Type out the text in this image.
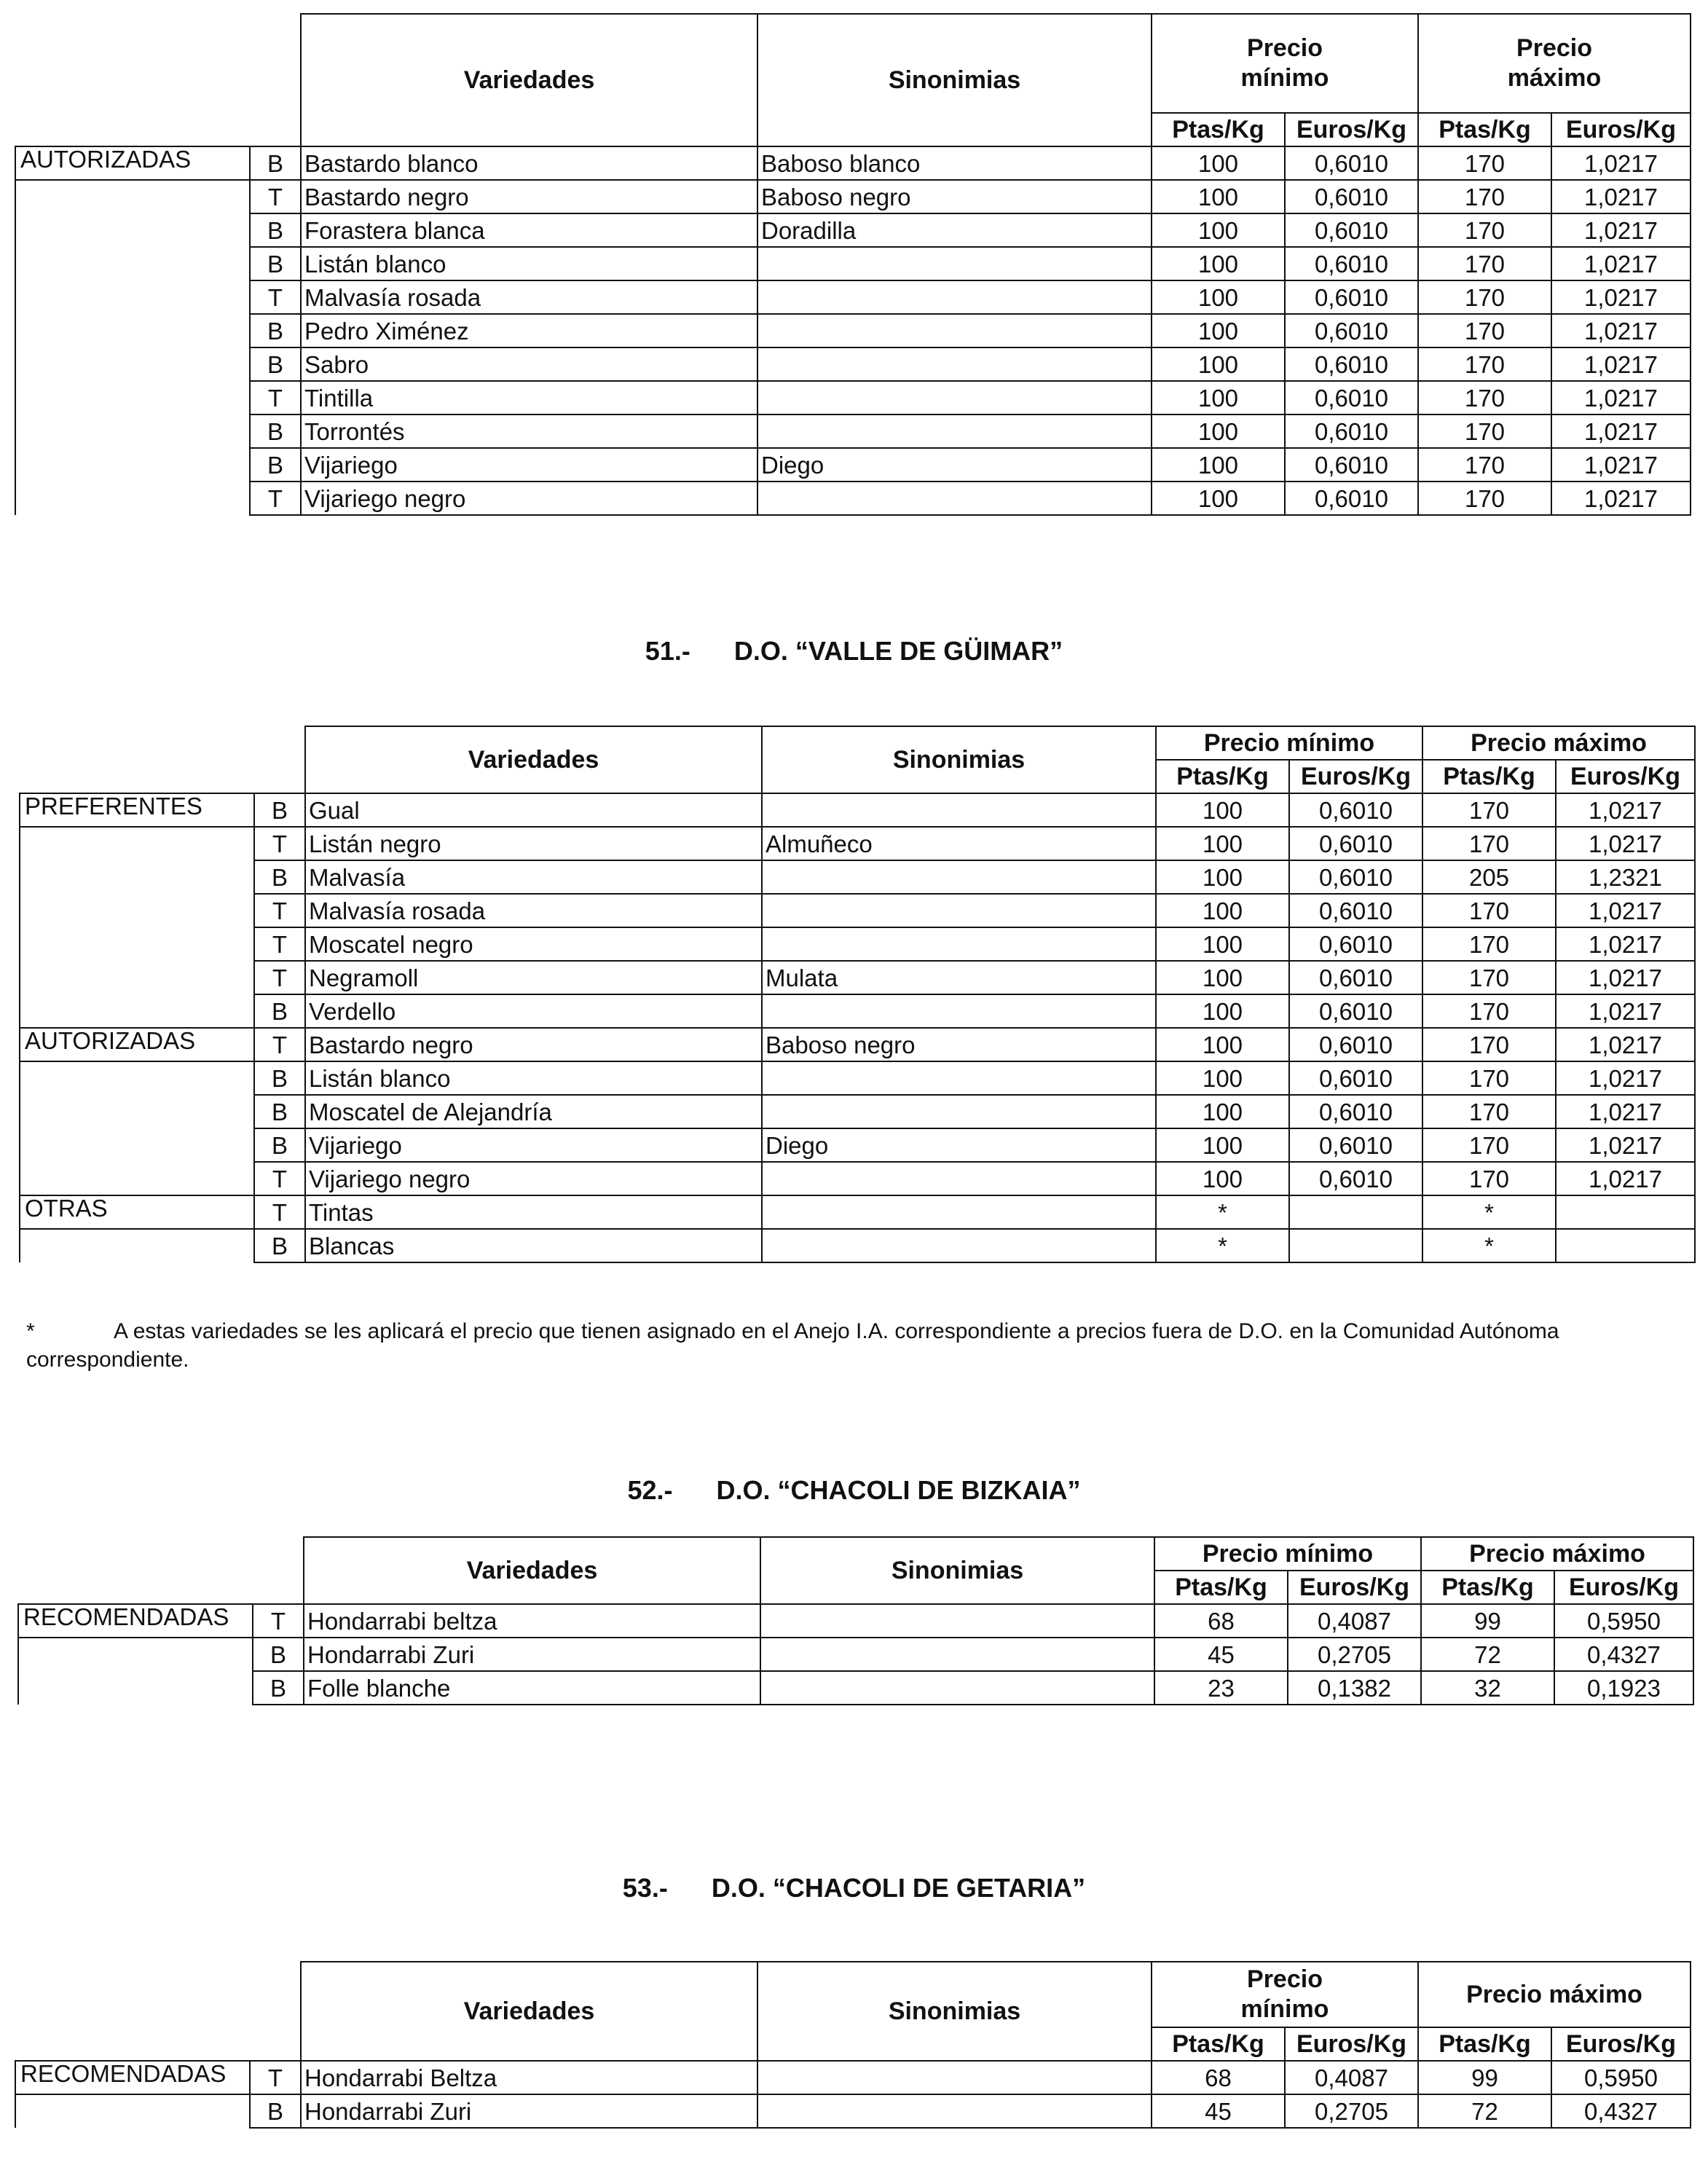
		Variedades	Sinonimias	Precio mínimo		Precio máximo	
				Ptas/Kg	Euros/Kg	Ptas/Kg	Euros/Kg
AUTORIZADAS	B	Bastardo blanco	Baboso blanco	100	0,6010	170	1,0217
	T	Bastardo negro	Baboso negro	100	0,6010	170	1,0217
	B	Forastera blanca	Doradilla	100	0,6010	170	1,0217
	B	Listán blanco		100	0,6010	170	1,0217
	T	Malvasía rosada		100	0,6010	170	1,0217
	B	Pedro Ximénez		100	0,6010	170	1,0217
	B	Sabro		100	0,6010	170	1,0217
	T	Tintilla		100	0,6010	170	1,0217
	B	Torrontés		100	0,6010	170	1,0217
	B	Vijariego	Diego	100	0,6010	170	1,0217
	T	Vijariego negro		100	0,6010	170	1,0217
51.- D.O. “VALLE DE GÜIMAR”
		Variedades	Sinonimias	Precio mínimo		Precio máximo	
				Ptas/Kg	Euros/Kg	Ptas/Kg	Euros/Kg
PREFERENTES	B	Gual		100	0,6010	170	1,0217
	T	Listán negro	Almuñeco	100	0,6010	170	1,0217
	B	Malvasía		100	0,6010	205	1,2321
	T	Malvasía rosada		100	0,6010	170	1,0217
	T	Moscatel negro		100	0,6010	170	1,0217
	T	Negramoll	Mulata	100	0,6010	170	1,0217
	B	Verdello		100	0,6010	170	1,0217
AUTORIZADAS	T	Bastardo negro	Baboso negro	100	0,6010	170	1,0217
	B	Listán blanco		100	0,6010	170	1,0217
	B	Moscatel de Alejandría		100	0,6010	170	1,0217
	B	Vijariego	Diego	100	0,6010	170	1,0217
	T	Vijariego negro		100	0,6010	170	1,0217
OTRAS	T	Tintas		*		*	
	B	Blancas		*		*	
*	A estas variedades se les aplicará el precio que tienen asignado en el Anejo I.A. correspondiente a precios fuera de D.O. en la Comunidad Autónoma correspondiente.
52.- D.O. “CHACOLI DE BIZKAIA”
		Variedades	Sinonimias	Precio mínimo		Precio máximo	
				Ptas/Kg	Euros/Kg	Ptas/Kg	Euros/Kg
RECOMENDADAS	T	Hondarrabi beltza		68	0,4087	99	0,5950
	B	Hondarrabi Zuri		45	0,2705	72	0,4327
	B	Folle blanche		23	0,1382	32	0,1923
53.- D.O. “CHACOLI DE GETARIA”
		Variedades	Sinonimias	Precio mínimo		Precio máximo	
				Ptas/Kg	Euros/Kg	Ptas/Kg	Euros/Kg
RECOMENDADAS	T	Hondarrabi Beltza		68	0,4087	99	0,5950
	B	Hondarrabi Zuri		45	0,2705	72	0,4327
